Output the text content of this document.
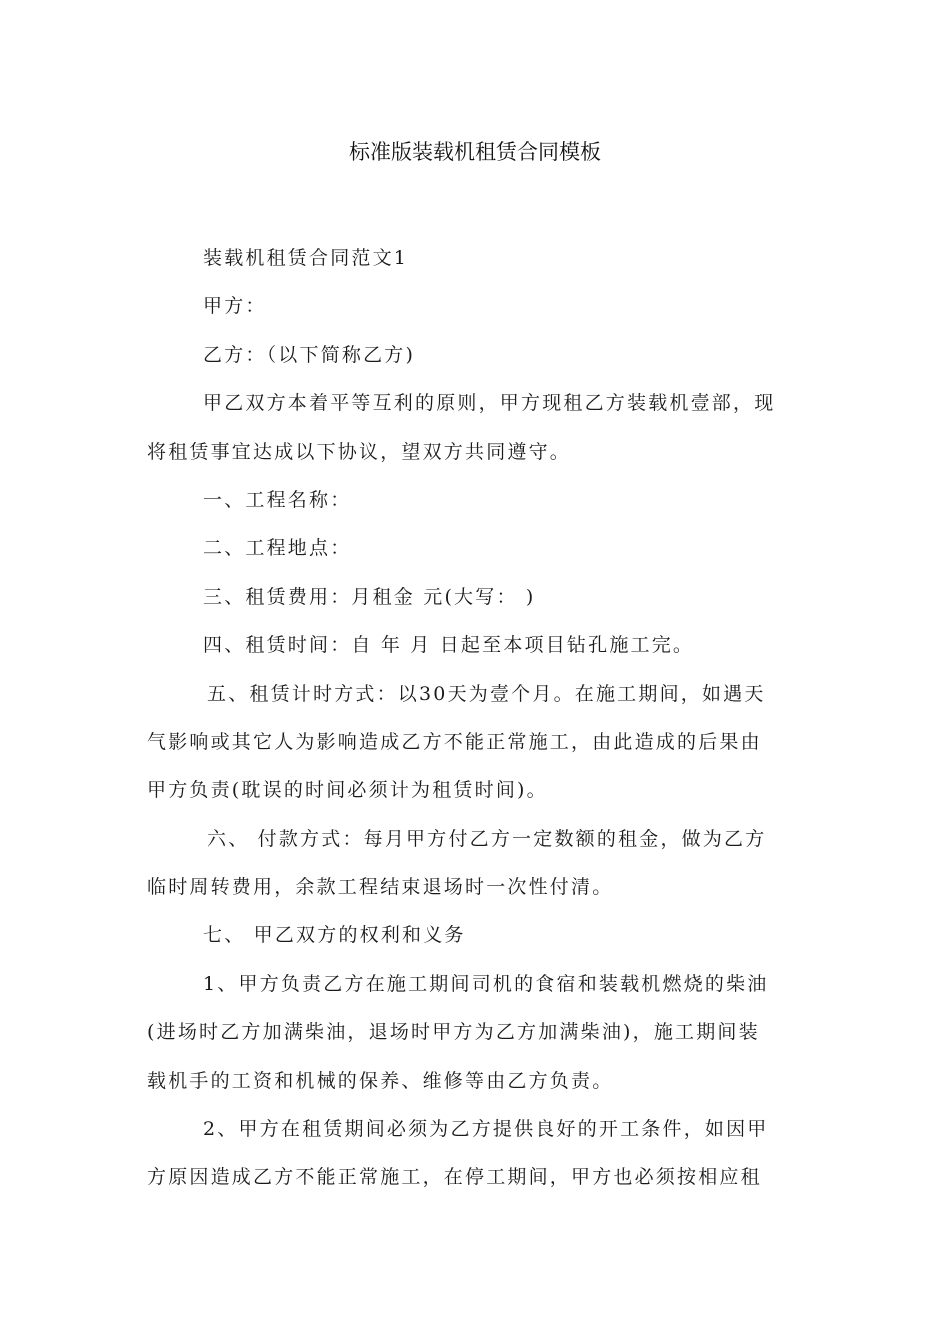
标准版装载机租赁合同模板
装载机租赁合同范文1
甲方：
乙方：（以下简称乙方)
甲乙双方本着平等互利的原则，甲方现租乙方装载机壹部，现
将租赁事宜达成以下协议，望双方共同遵守。
一、工程名称：
二、工程地点：
三、租赁费用：月租金 元(大写： )
四、租赁时间：自 年 月 日起至本项目钻孔施工完。
五、租赁计时方式：以30天为壹个月。在施工期间，如遇天
气影响或其它人为影响造成乙方不能正常施工，由此造成的后果由
甲方负责(耽误的时间必须计为租赁时间)。
六、 付款方式：每月甲方付乙方一定数额的租金，做为乙方
临时周转费用，余款工程结束退场时一次性付清。
七、 甲乙双方的权利和义务
1、甲方负责乙方在施工期间司机的食宿和装载机燃烧的柴油
(进场时乙方加满柴油，退场时甲方为乙方加满柴油)，施工期间装
载机手的工资和机械的保养、维修等由乙方负责。
2、甲方在租赁期间必须为乙方提供良好的开工条件，如因甲
方原因造成乙方不能正常施工，在停工期间，甲方也必须按相应租
